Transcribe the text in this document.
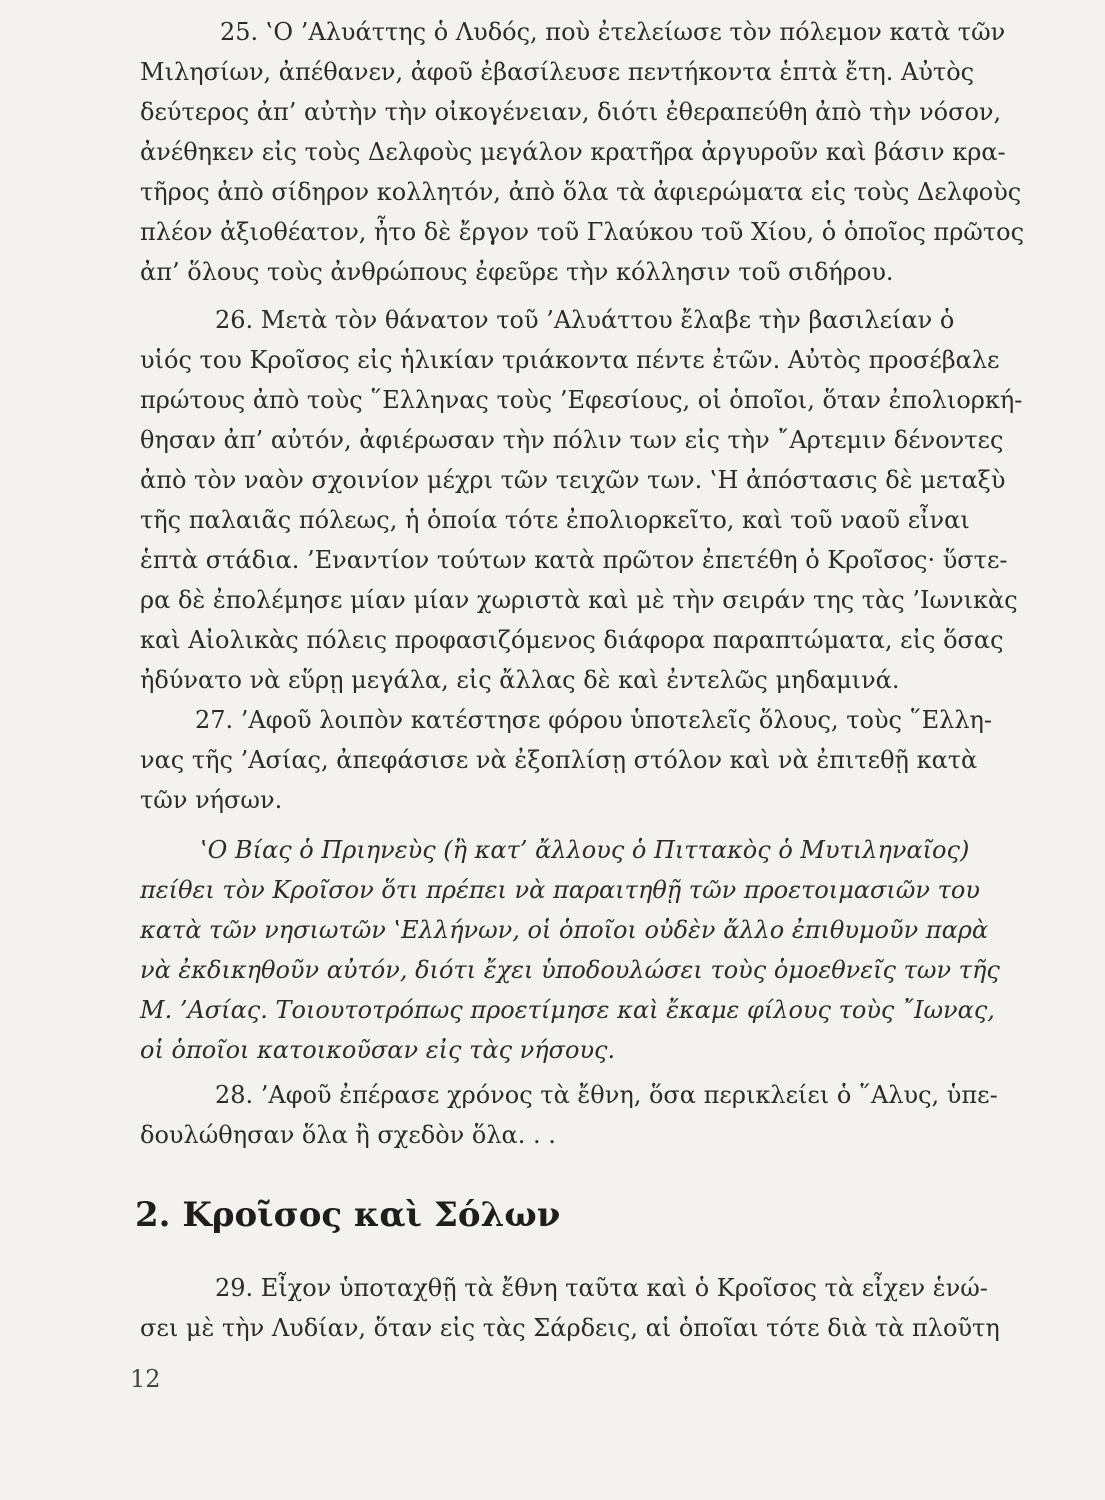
25. ‛Ο ’Αλυάττης ὁ Λυδός, ποὺ ἐτελείωσε τὸν πόλεμον κατὰ τῶν
Μιλησίων, ἀπέθανεν, ἀφοῦ ἐβασίλευσε πεντήκοντα ἑπτὰ ἔτη. Αὐτὸς
δεύτερος ἀπ’ αὐτὴν τὴν οἰκογένειαν, διότι ἐθεραπεύθη ἀπὸ τὴν νόσον,
ἀνέθηκεν εἰς τοὺς Δελφοὺς μεγάλον κρατῆρα ἀργυροῦν καὶ βάσιν κρα-
τῆρος ἀπὸ σίδηρον κολλητόν, ἀπὸ ὅλα τὰ ἀφιερώματα εἰς τοὺς Δελφοὺς
πλέον ἀξιοθέατον, ἦτο δὲ ἔργον τοῦ Γλαύκου τοῦ Χίου, ὁ ὁποῖος πρῶτος
ἀπ’ ὅλους τοὺς ἀνθρώπους ἐφεῦρε τὴν κόλλησιν τοῦ σιδήρου.
26. Μετὰ τὸν θάνατον τοῦ ’Αλυάττου ἔλαβε τὴν βασιλείαν ὁ
υἱός του Κροῖσος εἰς ἡλικίαν τριάκοντα πέντε ἐτῶν. Αὐτὸς προσέβαλε
πρώτους ἀπὸ τοὺς ῞Ελληνας τοὺς ’Εφεσίους, οἱ ὁποῖοι, ὅταν ἐπολιορκή-
θησαν ἀπ’ αὐτόν, ἀφιέρωσαν τὴν πόλιν των εἰς τὴν ῎Αρτεμιν δένοντες
ἀπὸ τὸν ναὸν σχοινίον μέχρι τῶν τειχῶν των. ‛Η ἀπόστασις δὲ μεταξὺ
τῆς παλαιᾶς πόλεως, ἡ ὁποία τότε ἐπολιορκεῖτο, καὶ τοῦ ναοῦ εἶναι
ἑπτὰ στάδια. ’Εναντίον τούτων κατὰ πρῶτον ἐπετέθη ὁ Κροῖσος· ὕστε-
ρα δὲ ἐπολέμησε μίαν μίαν χωριστὰ καὶ μὲ τὴν σειράν της τὰς ’Ιωνικὰς
καὶ Αἰολικὰς πόλεις προφασιζόμενος διάφορα παραπτώματα, εἰς ὅσας
ἠδύνατο νὰ εὕρῃ μεγάλα, εἰς ἄλλας δὲ καὶ ἐντελῶς μηδαμινά.
27. ’Αφοῦ λοιπὸν κατέστησε φόρου ὑποτελεῖς ὅλους, τοὺς ῞Ελλη-
νας τῆς ’Ασίας, ἀπεφάσισε νὰ ἐξοπλίσῃ στόλον καὶ νὰ ἐπιτεθῇ κατὰ
τῶν νήσων.
‛Ο Βίας ὁ Πριηνεὺς (ἢ κατ’ ἄλλους ὁ Πιττακὸς ὁ Μυτιληναῖος)
πείθει τὸν Κροῖσον ὅτι πρέπει νὰ παραιτηθῇ τῶν προετοιμασιῶν του
κατὰ τῶν νησιωτῶν ‛Ελλήνων, οἱ ὁποῖοι οὐδὲν ἄλλο ἐπιθυμοῦν παρὰ
νὰ ἐκδικηθοῦν αὐτόν, διότι ἔχει ὑποδουλώσει τοὺς ὁμοεθνεῖς των τῆς
Μ. ’Ασίας. Τοιουτοτρόπως προετίμησε καὶ ἔκαμε φίλους τοὺς ῎Ιωνας,
οἱ ὁποῖοι κατοικοῦσαν εἰς τὰς νήσους.
28. ’Αφοῦ ἐπέρασε χρόνος τὰ ἔθνη, ὅσα περικλείει ὁ ῞Αλυς, ὑπε-
δουλώθησαν ὅλα ἢ σχεδὸν ὅλα. . .
2. Κροῖσος καὶ Σόλων
29. Εἶχον ὑποταχθῇ τὰ ἔθνη ταῦτα καὶ ὁ Κροῖσος τὰ εἶχεν ἑνώ-
σει μὲ τὴν Λυδίαν, ὅταν εἰς τὰς Σάρδεις, αἱ ὁποῖαι τότε διὰ τὰ πλοῦτη
12
